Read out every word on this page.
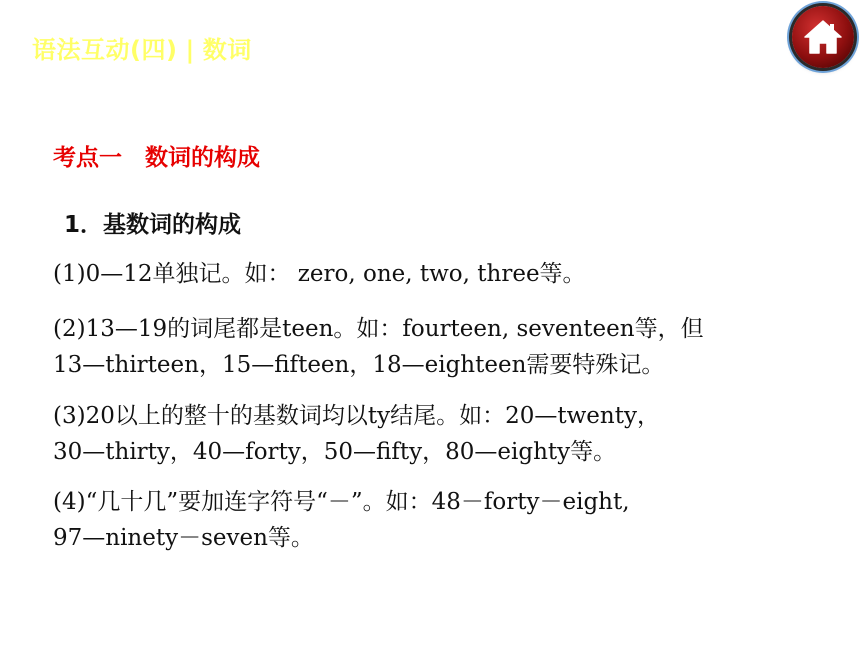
语法互动(四) | 数词
考点一　数词的构成
1．基数词的构成
(1)0—12单独记。如： zero, one, two, three等。
(2)13—19的词尾都是teen。如：fourteen, seventeen等，但
13—thirteen，15—fifteen，18—eighteen需要特殊记。
(3)20以上的整十的基数词均以ty结尾。如：20—twenty，
30—thirty，40—forty，50—fifty，80—eighty等。
(4)“几十几”要加连字符号“－”。如：48－forty－eight,
97—ninety－seven等。
